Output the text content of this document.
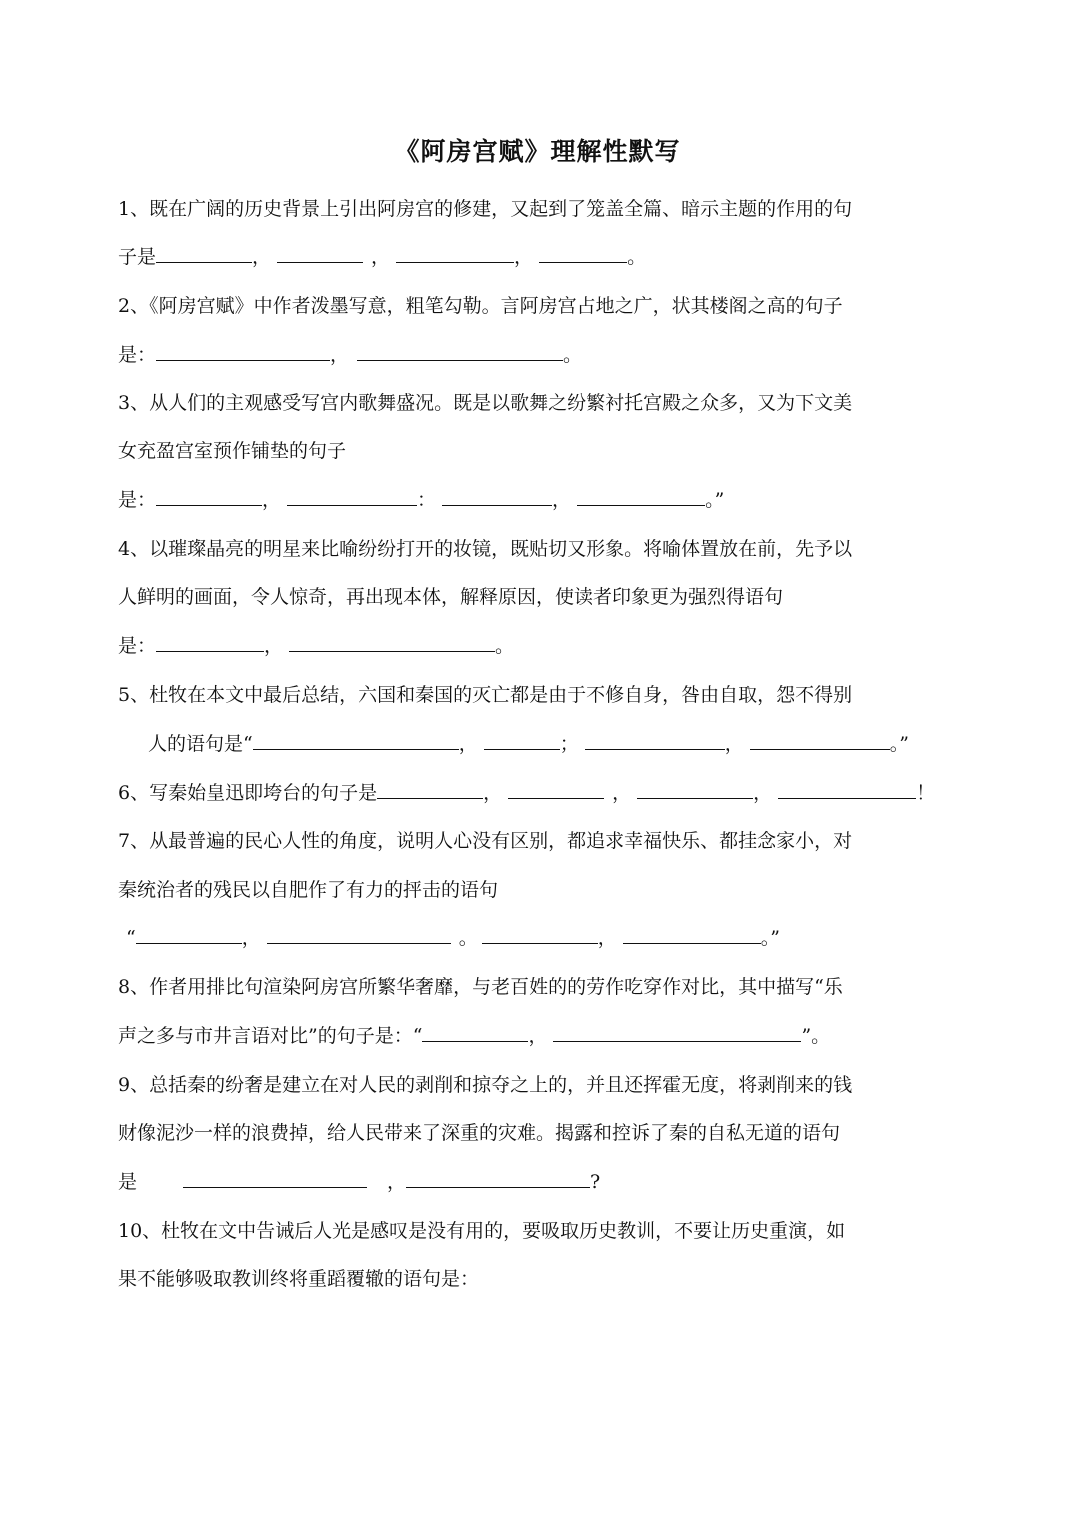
《阿房宫赋》理解性默写
1、既在广阔的历史背景上引出阿房宫的修建，又起到了笼盖全篇、暗示主题的作用的句
子是	，	，	，	。
2、《阿房宫赋》中作者泼墨写意，粗笔勾勒。言阿房宫占地之广，状其楼阁之高的句子
是：	，	。
3、从人们的主观感受写宫内歌舞盛况。既是以歌舞之纷繁衬托宫殿之众多，又为下文美
女充盈宫室预作铺垫的句子
是：	，	：	，	。”
4、以璀璨晶亮的明星来比喻纷纷打开的妆镜，既贴切又形象。将喻体置放在前，先予以
人鲜明的画面，令人惊奇，再出现本体，解释原因，使读者印象更为强烈得语句
是：	，	。
5、杜牧在本文中最后总结，六国和秦国的灭亡都是由于不修自身，咎由自取，怨不得别
人的语句是“	，	；	，	。”
6、写秦始皇迅即垮台的句子是	，	，	，	！
7、从最普遍的民心人性的角度，说明人心没有区别，都追求幸福快乐、都挂念家小，对
秦统治者的残民以自肥作了有力的抨击的语句
“	，	。	，	。”
8、作者用排比句渲染阿房宫所繁华奢靡，与老百姓的的劳作吃穿作对比，其中描写“乐
声之多与市井言语对比”的句子是：“	，	”。
9、总括秦的纷奢是建立在对人民的剥削和掠夺之上的，并且还挥霍无度，将剥削来的钱
财像泥沙一样的浪费掉，给人民带来了深重的灾难。揭露和控诉了秦的自私无道的语句
是	，	?
10、杜牧在文中告诫后人光是感叹是没有用的，要吸取历史教训，不要让历史重演，如
果不能够吸取教训终将重蹈覆辙的语句是：
